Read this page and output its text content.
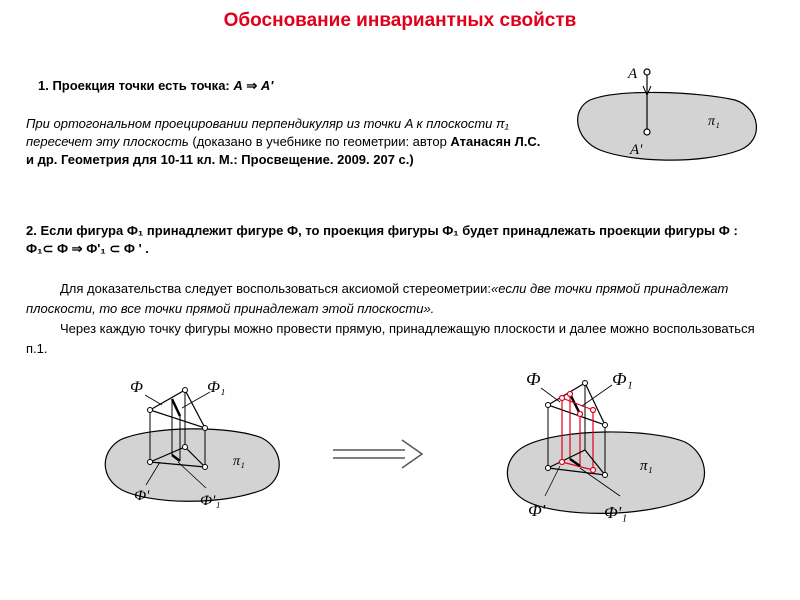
Обоснование инвариантных свойств
1. Проекция точки есть точка: A ⇒ A'
При ортогональном проецировании перпендикуляр из точки A к плоскости π₁ пересечет эту плоскость (доказано в учебнике по геометрии: автор Атанасян Л.С. и др. Геометрия для 10-11 кл. М.: Просвещение. 2009. 207 с.)
2. Если фигура Ф₁ принадлежит фигуре Ф, то проекция фигуры Ф₁ будет принадлежать проекции фигуры Ф : Ф₁⊂ Ф ⇒ Ф'₁ ⊂ Ф ' .
Для доказательства следует воспользоваться аксиомой стереометрии:«если две точки прямой принадлежат плоскости, то все точки прямой принадлежат этой плоскости».
Через каждую точку фигуры можно провести прямую, принадлежащую плоскости и далее можно воспользоваться п.1.
A
A'
π₁
Ф	Ф₁
Ф'	Ф'₁
π₁
Ф	Ф₁
Ф'	Ф'₁
π₁
